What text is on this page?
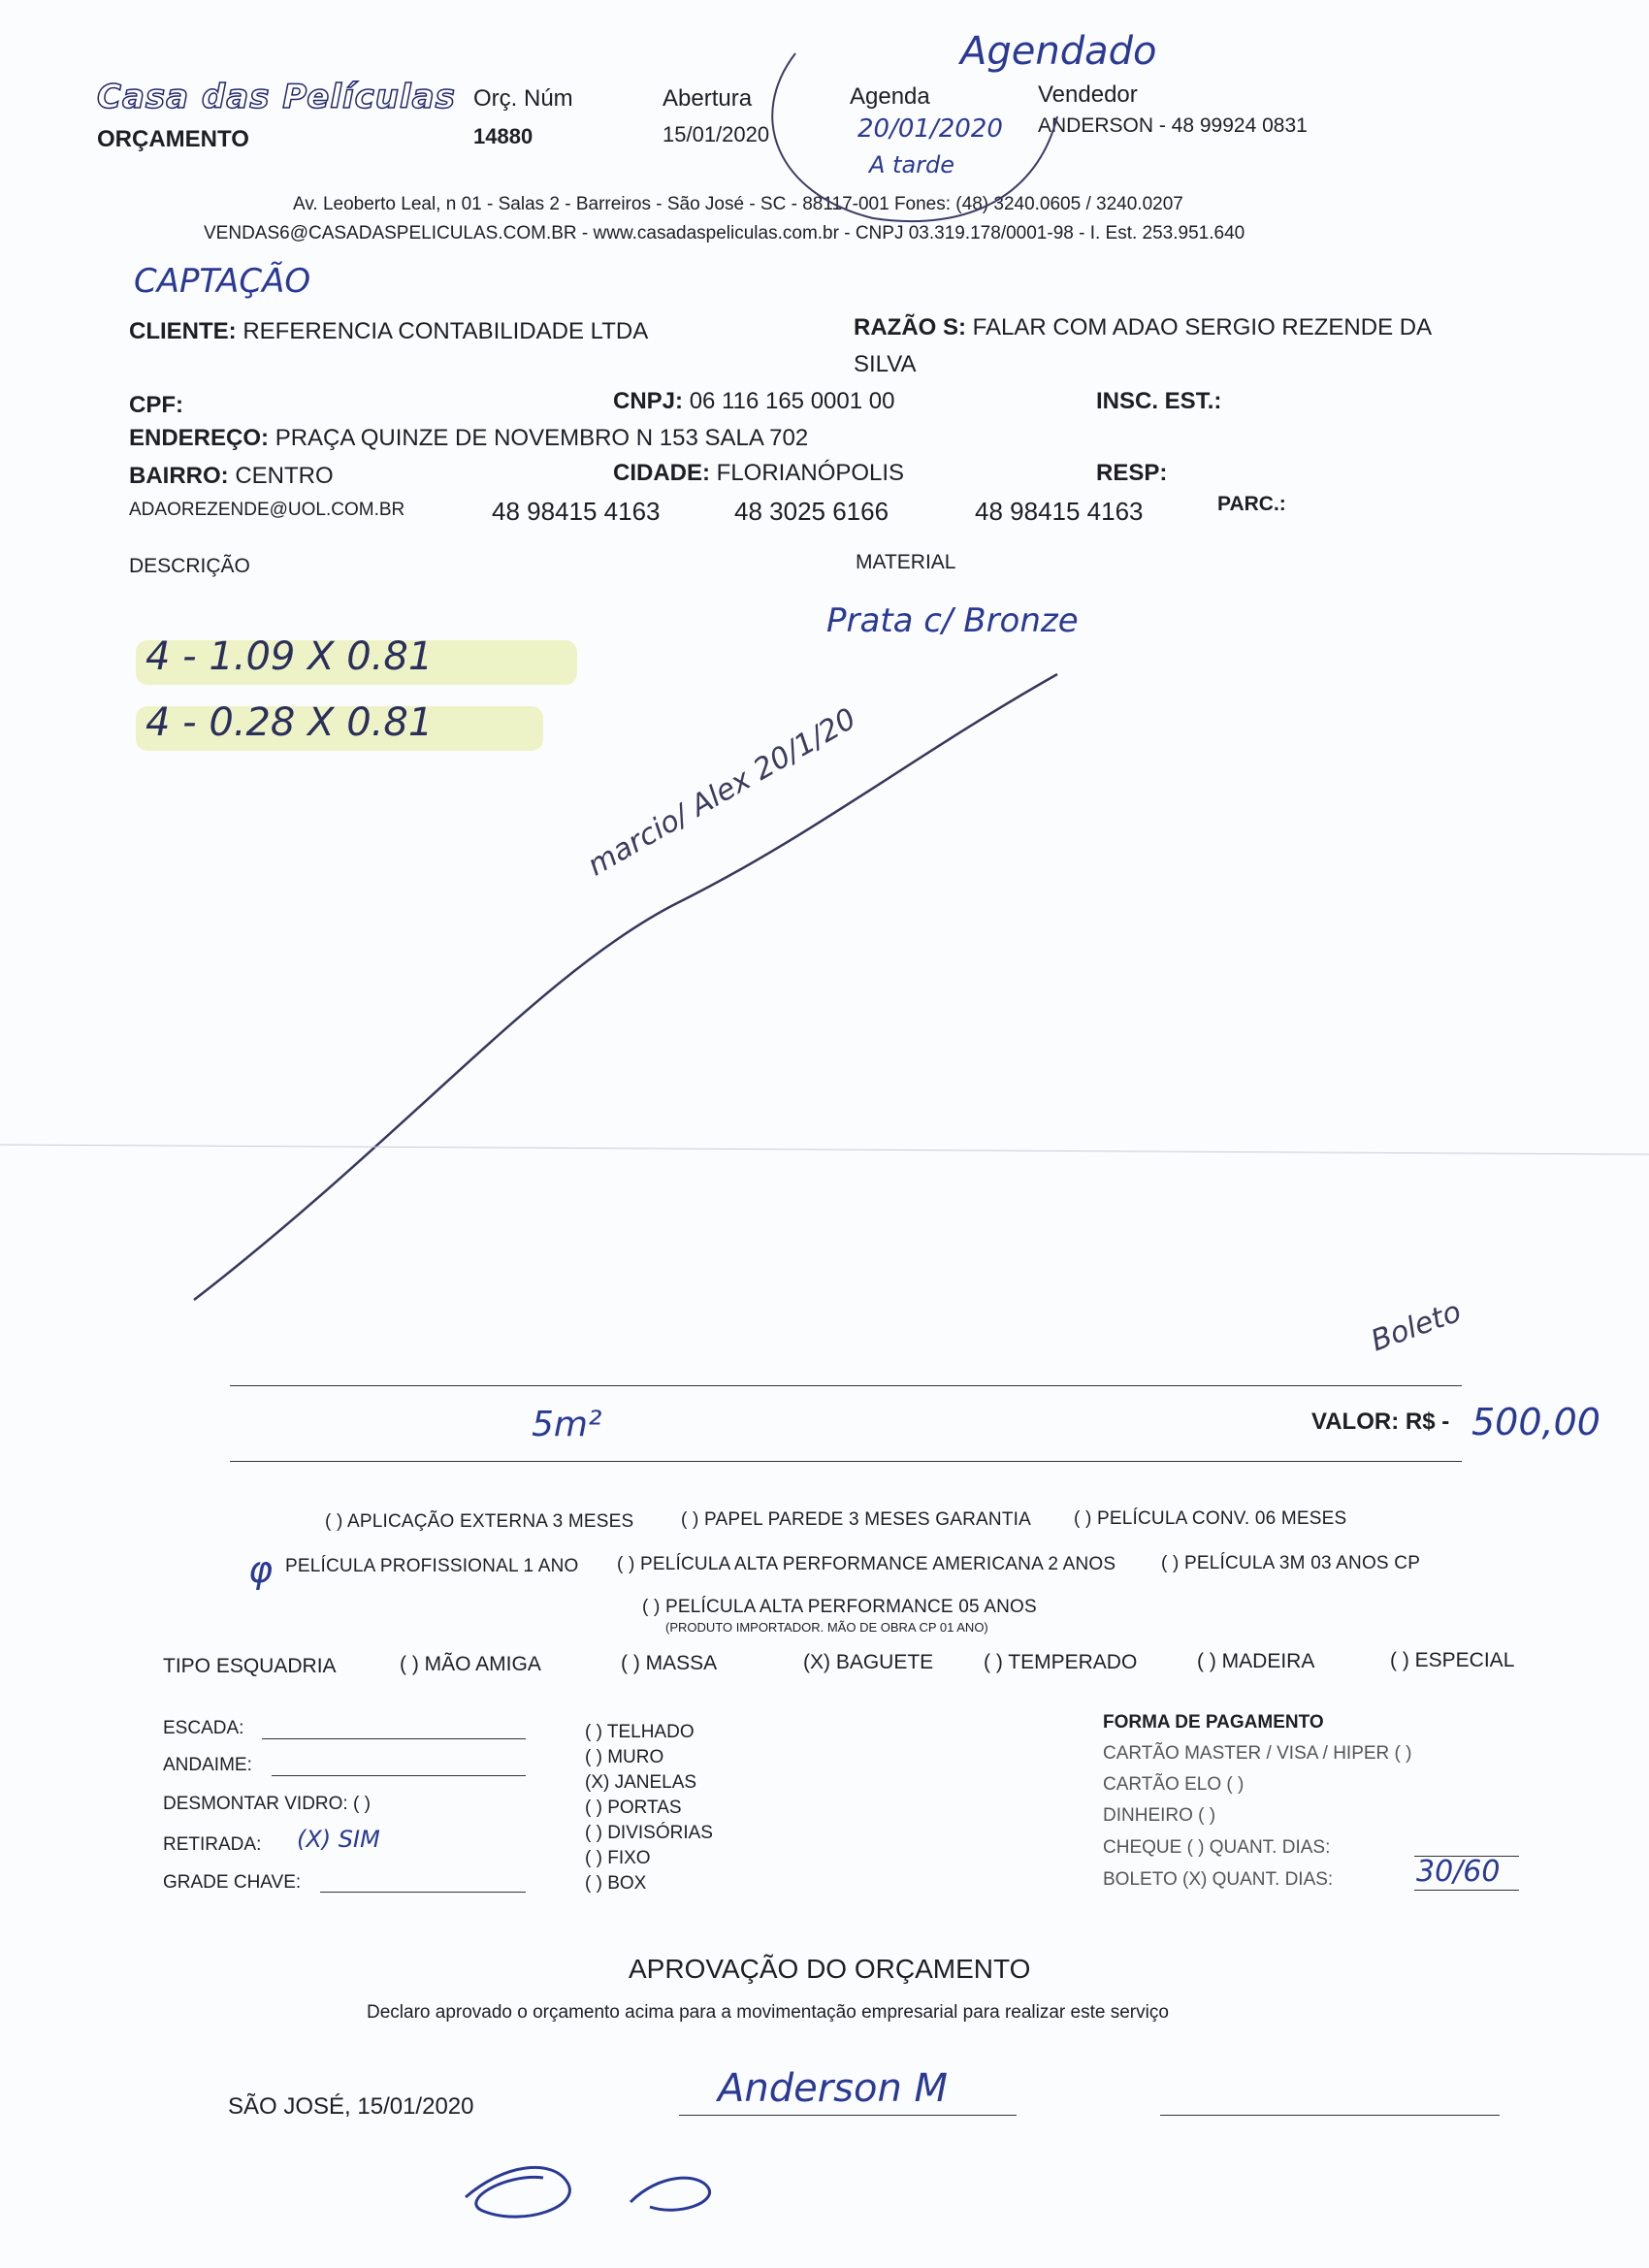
Casa das Películas
ORÇAMENTO
Orç. Núm
14880
Abertura
15/01/2020
Agenda
20/01/2020
A tarde
Vendedor
ANDERSON - 48 99924 0831
Agendado
Av. Leoberto Leal, n 01 - Salas 2 - Barreiros - São José - SC - 88117-001 Fones: (48) 3240.0605 / 3240.0207
VENDAS6@CASADASPELICULAS.COM.BR - www.casadaspeliculas.com.br - CNPJ 03.319.178/0001-98 - I. Est. 253.951.640
CAPTAÇÃO
CLIENTE: REFERENCIA CONTABILIDADE LTDA	RAZÃO S: FALAR COM ADAO SERGIO REZENDE DA
SILVA
CPF:	CNPJ: 06 116 165 0001 00	INSC. EST.:
ENDEREÇO: PRAÇA QUINZE DE NOVEMBRO N 153 SALA 702
BAIRRO: CENTRO	CIDADE: FLORIANÓPOLIS	RESP:
ADAOREZENDE@UOL.COM.BR	48 98415 4163	48 3025 6166	48 98415 4163	PARC.:
DESCRIÇÃO	MATERIAL
Prata c/ Bronze
4 - 1.09 X 0.81
4 - 0.28 X 0.81	marcio/ Alex 20/1/20
Boleto
5m²	VALOR: R$ - 500,00
( ) APLICAÇÃO EXTERNA 3 MESES	( ) PAPEL PAREDE 3 MESES GARANTIA ( ) PELÍCULA CONV. 06 MESES
φ PELÍCULA PROFISSIONAL 1 ANO ( ) PELÍCULA ALTA PERFORMANCE AMERICANA 2 ANOS ( ) PELÍCULA 3M 03 ANOS CP
( ) PELÍCULA ALTA PERFORMANCE 05 ANOS
(PRODUTO IMPORTADOR. MÃO DE OBRA CP 01 ANO)
TIPO ESQUADRIA	( ) MÃO AMIGA	( ) MASSA	(X) BAGUETE ( ) TEMPERADO	( ) MADEIRA	( ) ESPECIAL
ESCADA:
ANDAIME:
DESMONTAR VIDRO: ( )
RETIRADA: (X) SIM
GRADE CHAVE:
( ) TELHADO
( ) MURO
(X) JANELAS
( ) PORTAS
( ) DIVISÓRIAS
( ) FIXO
( ) BOX
FORMA DE PAGAMENTO
CARTÃO MASTER / VISA / HIPER ( )
CARTÃO ELO ( )
DINHEIRO ( )
CHEQUE ( ) QUANT. DIAS:
BOLETO (X) QUANT. DIAS:	30/60
APROVAÇÃO DO ORÇAMENTO
Declaro aprovado o orçamento acima para a movimentação empresarial para realizar este serviço
SÃO JOSÉ, 15/01/2020	Anderson M
